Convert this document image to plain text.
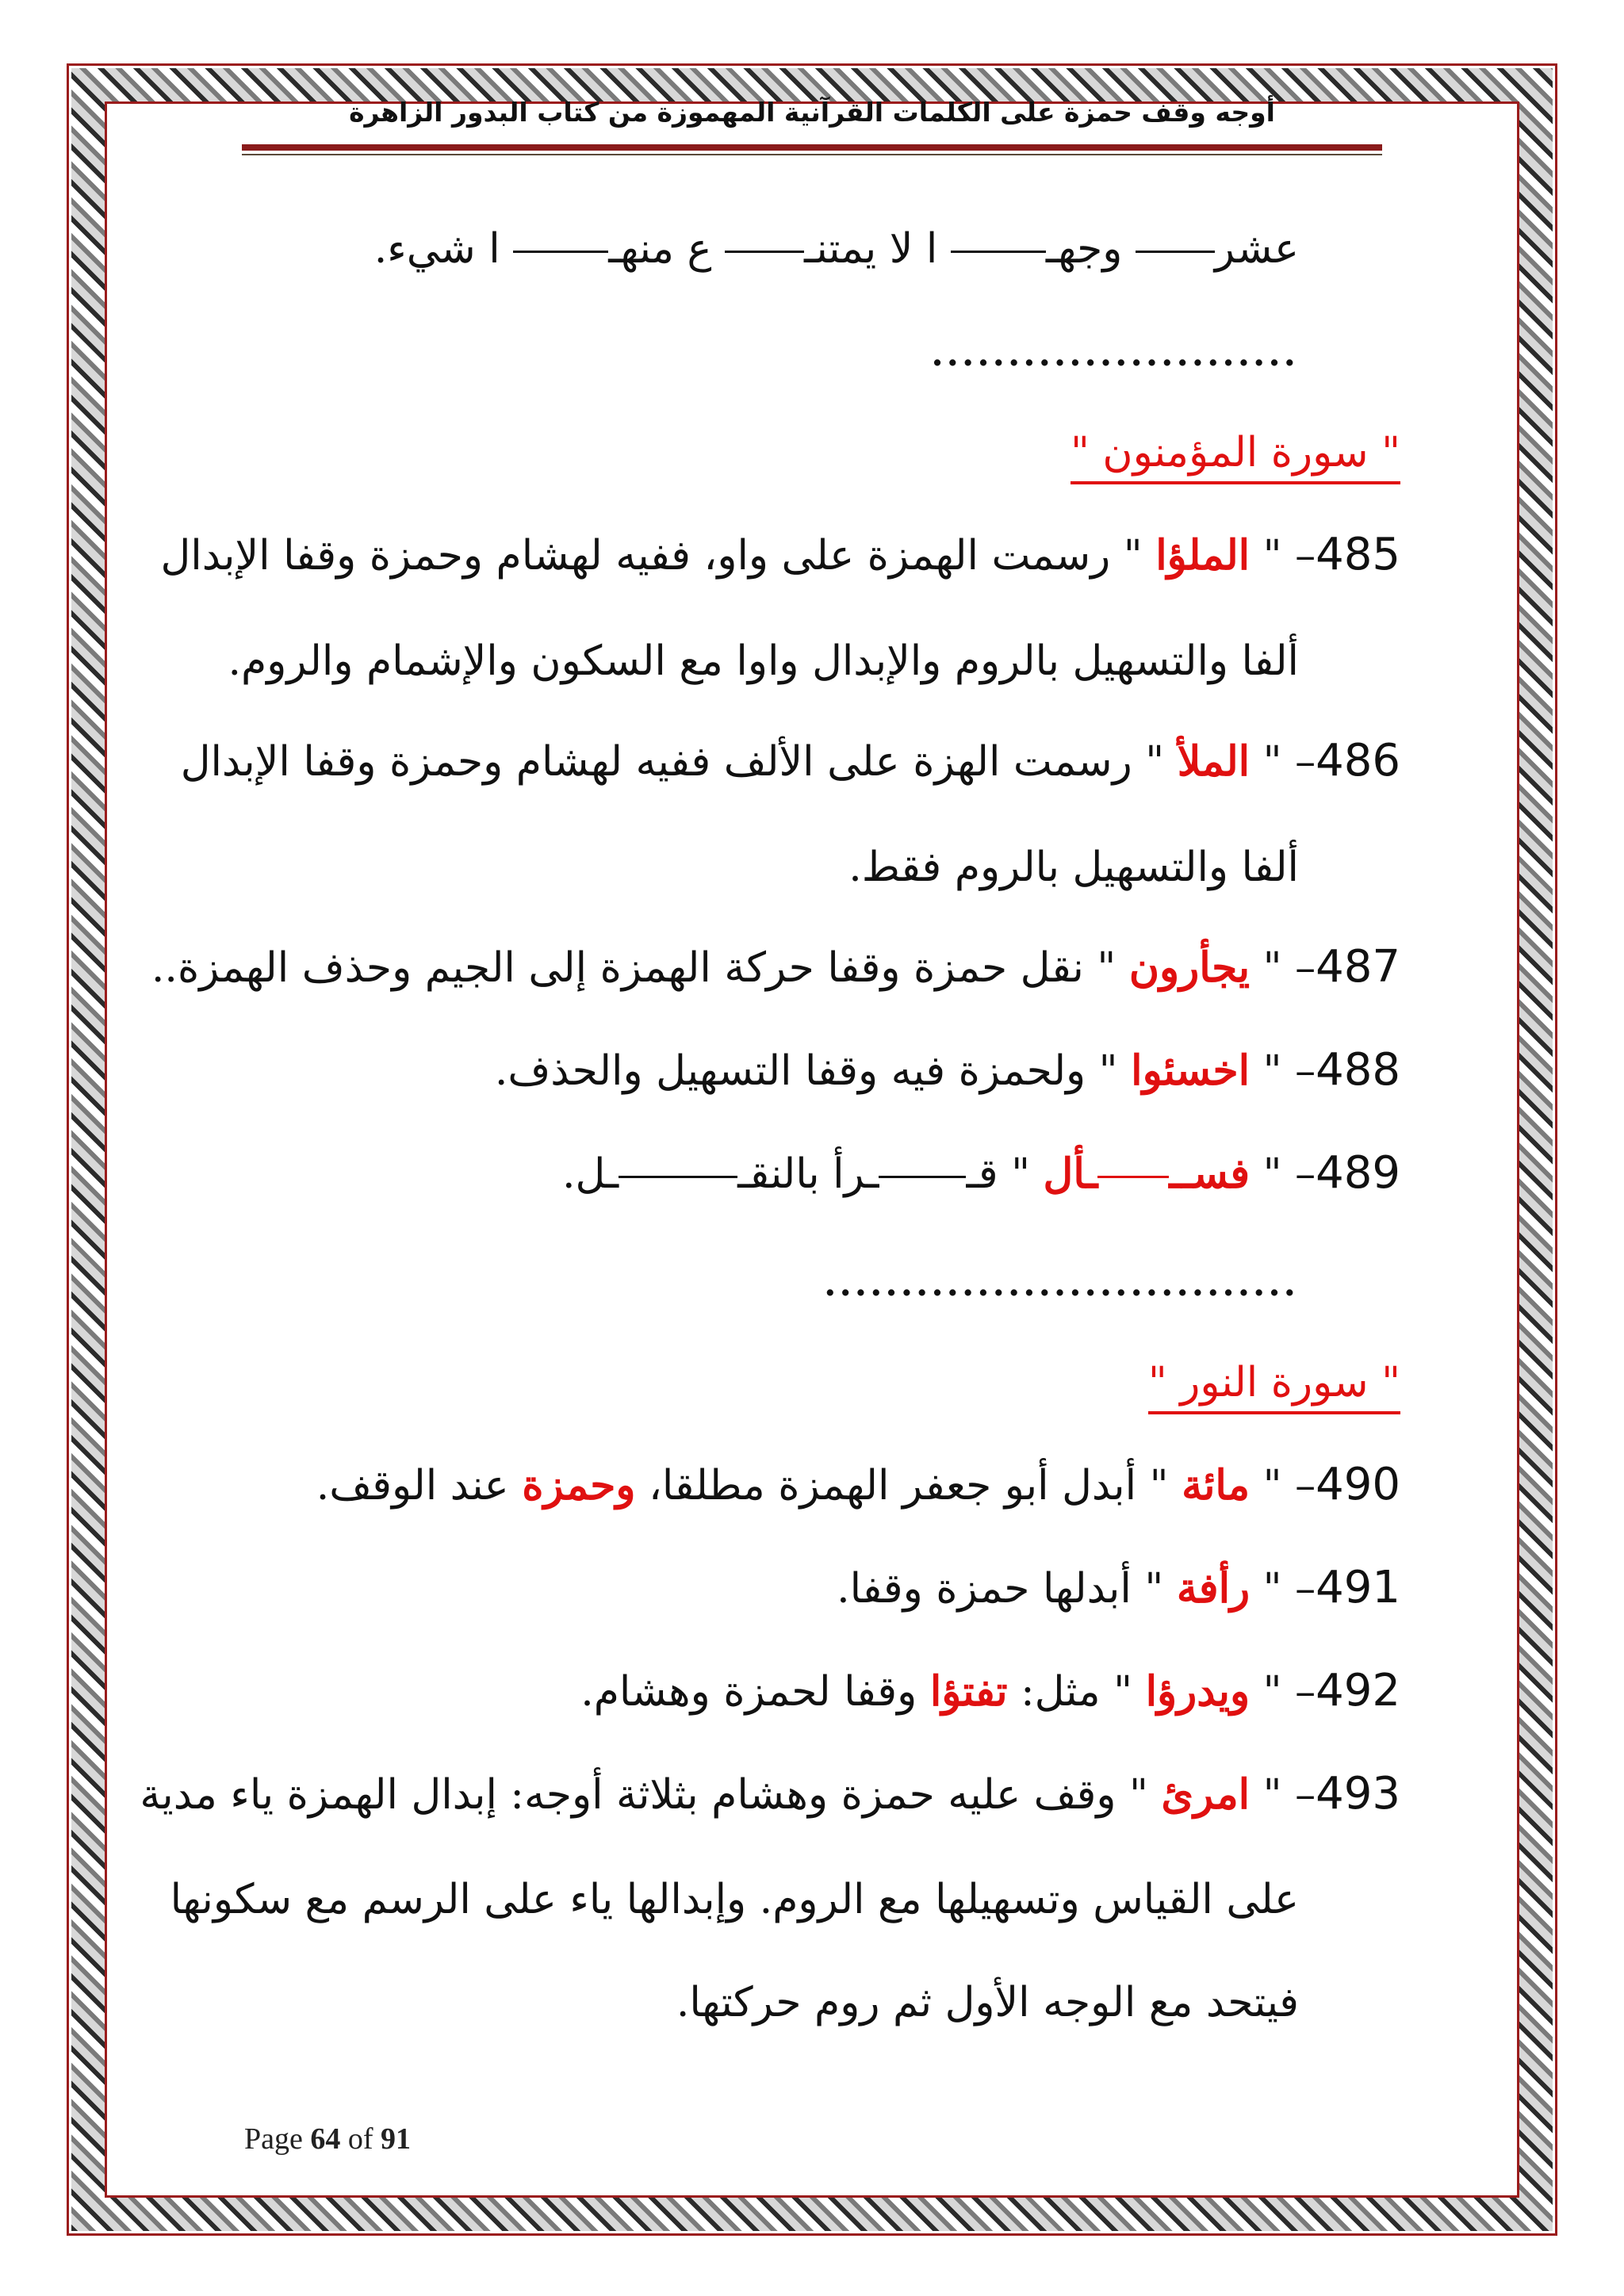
أوجه وقف حمزة على الكلمات القرآنية المهموزة من كتاب البدور الزاهرة
عشر وجهـ ا لا يمتنـ ع منهـ ا شيء.
........................
" سورة المؤمنون "
485– " الملؤا " رسمت الهمزة على واو، ففيه لهشام وحمزة وقفا الإبدال
ألفا والتسهيل بالروم والإبدال واوا مع السكون والإشمام والروم.
486– " الملأ " رسمت الهزة على الألف ففيه لهشام وحمزة وقفا الإبدال
ألفا والتسهيل بالروم فقط.
487– " يجأرون " نقل حمزة وقفا حركة الهمزة إلى الجيم وحذف الهمزة..
488– " اخسئوا " ولحمزة فيه وقفا التسهيل والحذف.
489– " فســـأل " قــرأ بالنقــل.
...............................
" سورة النور "
490– " مائة " أبدل أبو جعفر الهمزة مطلقا، وحمزة عند الوقف.
491– " رأفة " أبدلها حمزة وقفا.
492– " ويدرؤا " مثل: تفتؤا وقفا لحمزة وهشام.
493– " امرئ " وقف عليه حمزة وهشام بثلاثة أوجه: إبدال الهمزة ياء مدية
على القياس وتسهيلها مع الروم. وإبدالها ياء على الرسم مع سكونها
فيتحد مع الوجه الأول ثم روم حركتها.
Page 64 of 91
